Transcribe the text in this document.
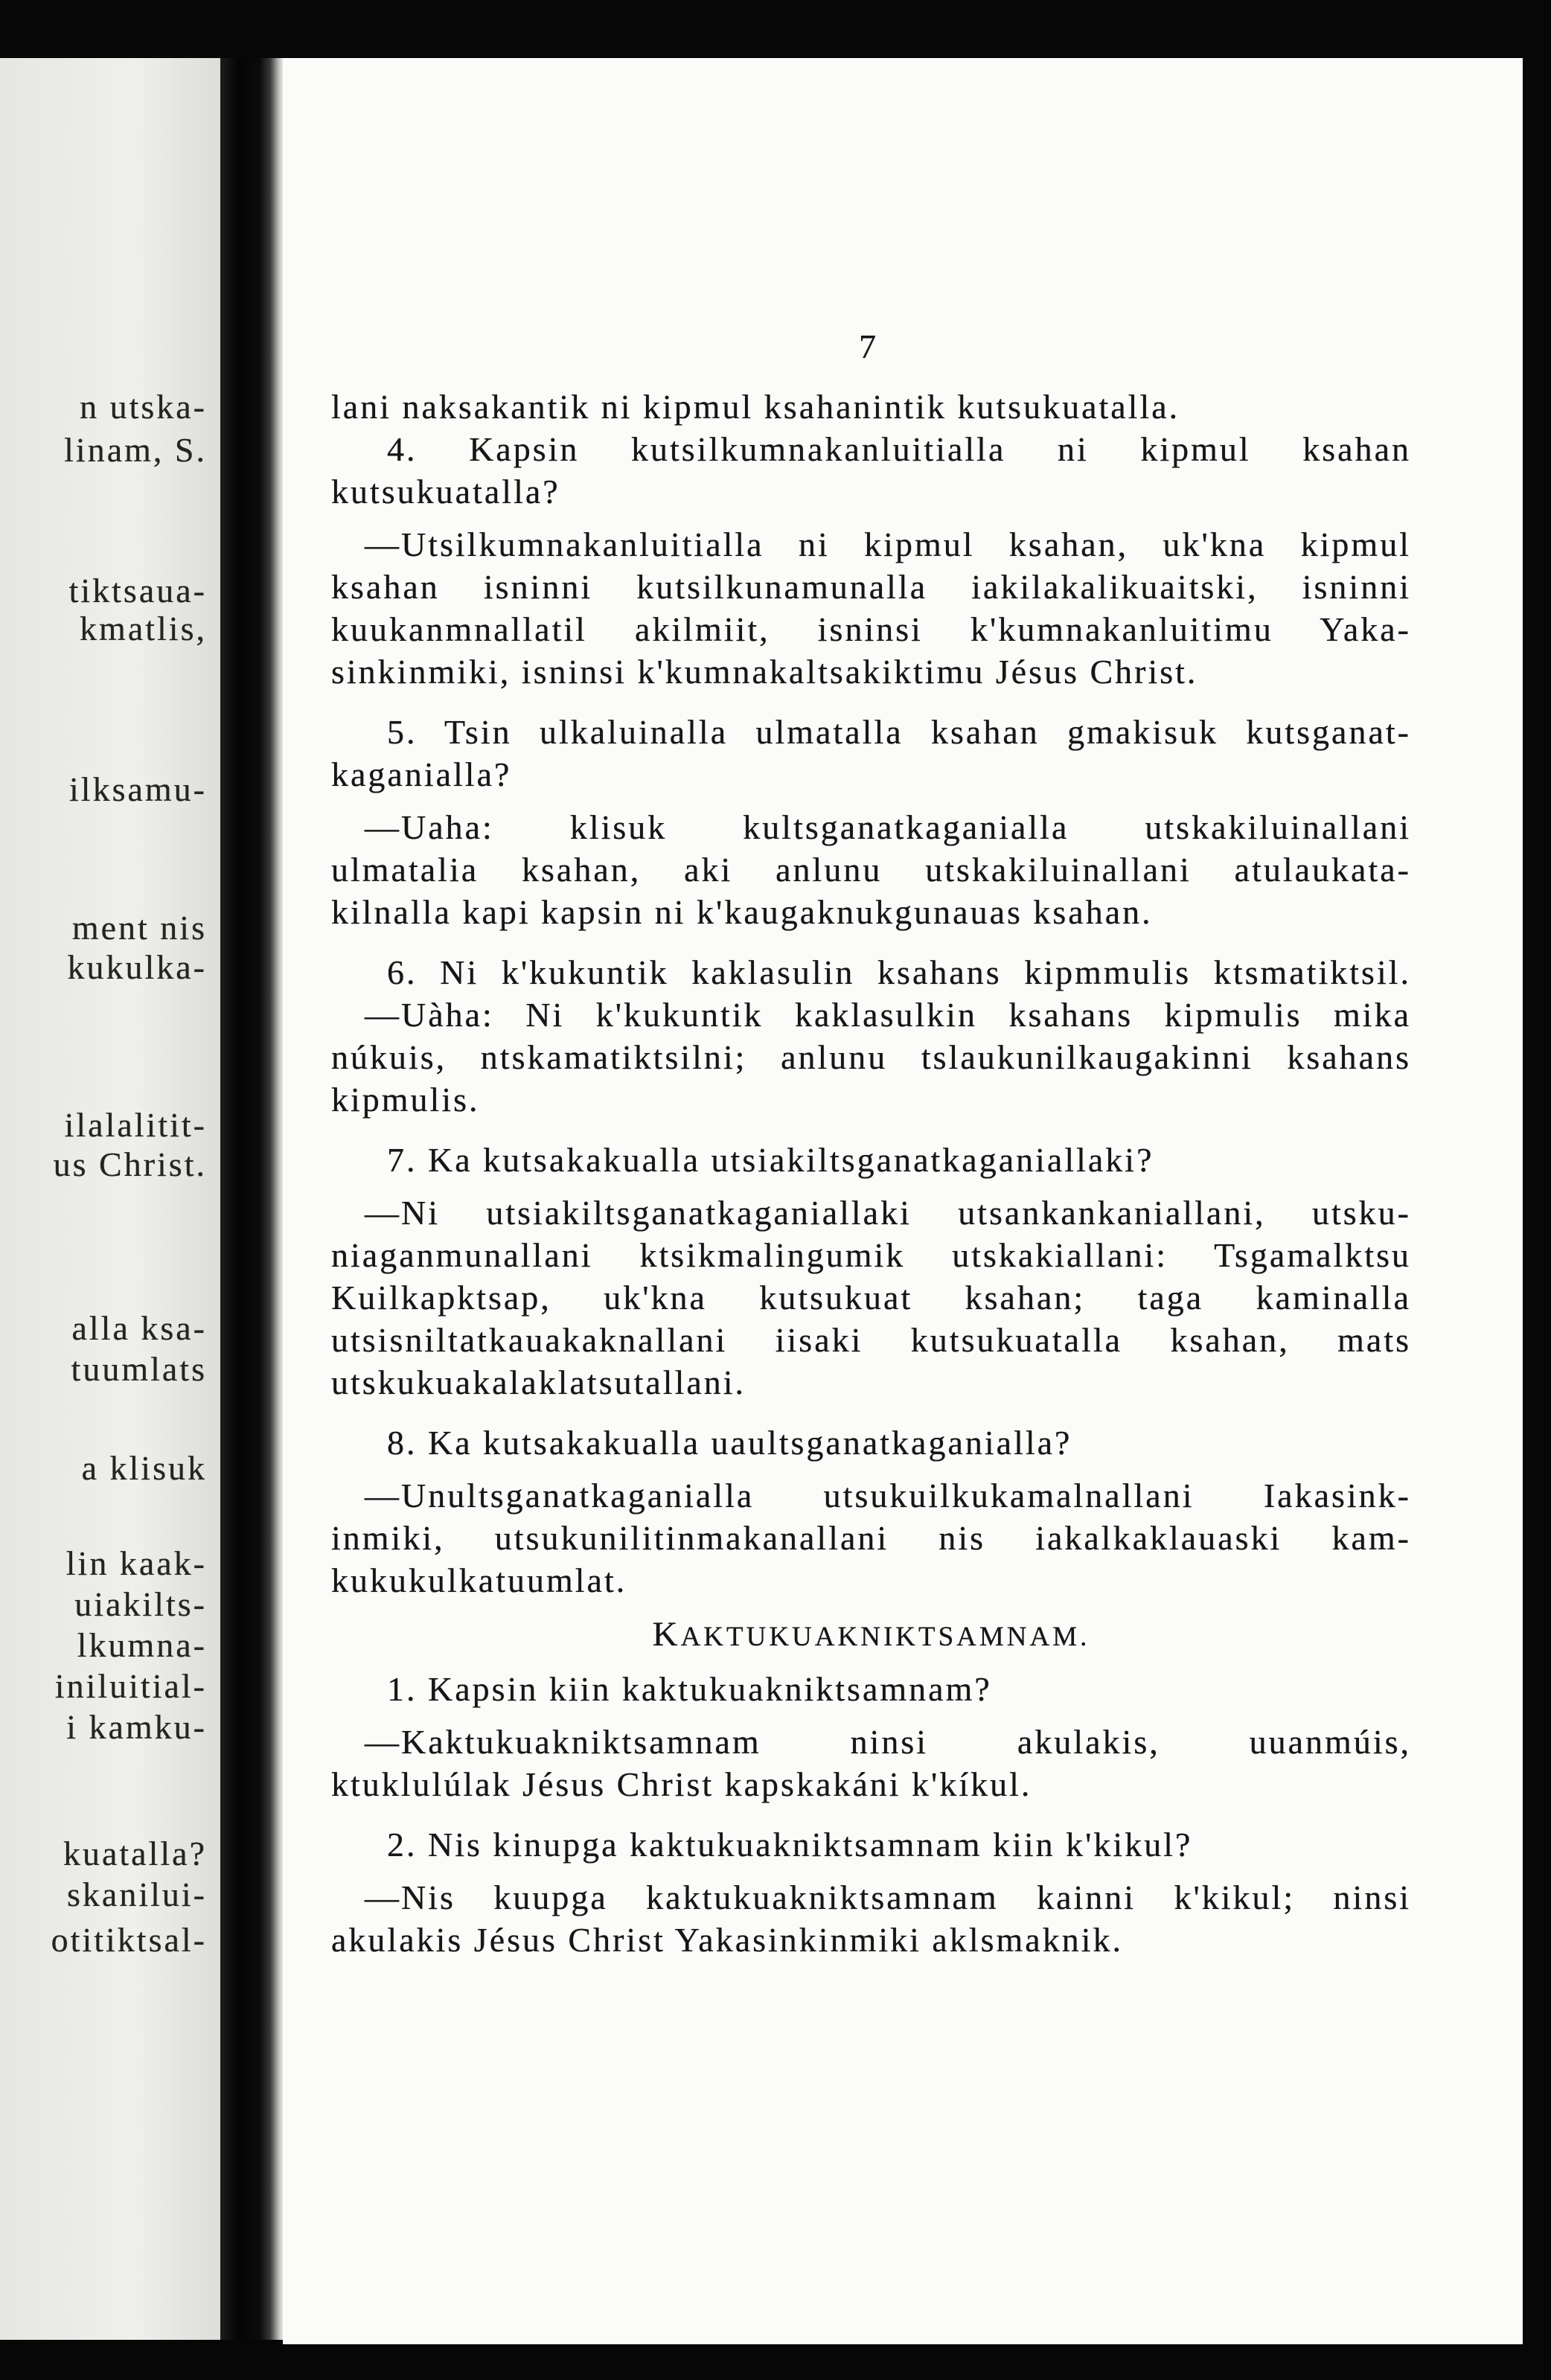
n utska-
linam, S.
tiktsaua-
kmatlis,
ilksamu-
ment nis
kukulka-
ilalalitit-
us Christ.
alla ksa-
tuumlats
a klisuk
lin kaak-
uiakilts-
lkumna-
iniluitial-
i kamku-
kuatalla?
skanilui-
otitiktsal-
7
lani naksakantik ni kipmul ksahanintik kutsukuatalla.
4. Kapsin kutsilkumnakanluitialla ni kipmul ksahan
kutsukuatalla?
—Utsilkumnakanluitialla ni kipmul ksahan, uk'kna kipmul
ksahan isninni kutsilkunamunalla iakilakalikuaitski, isninni
kuukanmnallatil akilmiit, isninsi k'kumnakanluitimu Yaka-
sinkinmiki, isninsi k'kumnakaltsakiktimu Jésus Christ.
5. Tsin ulkaluinalla ulmatalla ksahan gmakisuk kutsganat-
kaganialla?
—Uaha: klisuk kultsganatkaganialla utskakiluinallani
ulmatalia ksahan, aki anlunu utskakiluinallani atulaukata-
kilnalla kapi kapsin ni k'kaugaknukgunauas ksahan.
6. Ni k'kukuntik kaklasulin ksahans kipmmulis ktsmatiktsil.
—Uàha: Ni k'kukuntik kaklasulkin ksahans kipmulis mika
núkuis, ntskamatiktsilni; anlunu tslaukunilkaugakinni ksahans
kipmulis.
7. Ka kutsakakualla utsiakiltsganatkaganiallaki?
—Ni utsiakiltsganatkaganiallaki utsankankaniallani, utsku-
niaganmunallani ktsikmalingumik utskakiallani: Tsgamalktsu
Kuilkapktsap, uk'kna kutsukuat ksahan; taga kaminalla
utsisniltatkauakaknallani iisaki kutsukuatalla ksahan, mats
utskukuakalaklatsutallani.
8. Ka kutsakakualla uaultsganatkaganialla?
—Unultsganatkaganialla utsukuilkukamalnallani Iakasink-
inmiki, utsukunilitinmakanallani nis iakalkaklauaski kam-
kukukulkatuumlat.
KAKTUKUAKNIKTSAMNAM.
1. Kapsin kiin kaktukuakniktsamnam?
—Kaktukuakniktsamnam ninsi akulakis, uuanmúis,
ktuklulúlak Jésus Christ kapskakáni k'kíkul.
2. Nis kinupga kaktukuakniktsamnam kiin k'kikul?
—Nis kuupga kaktukuakniktsamnam kainni k'kikul; ninsi
akulakis Jésus Christ Yakasinkinmiki aklsmaknik.
